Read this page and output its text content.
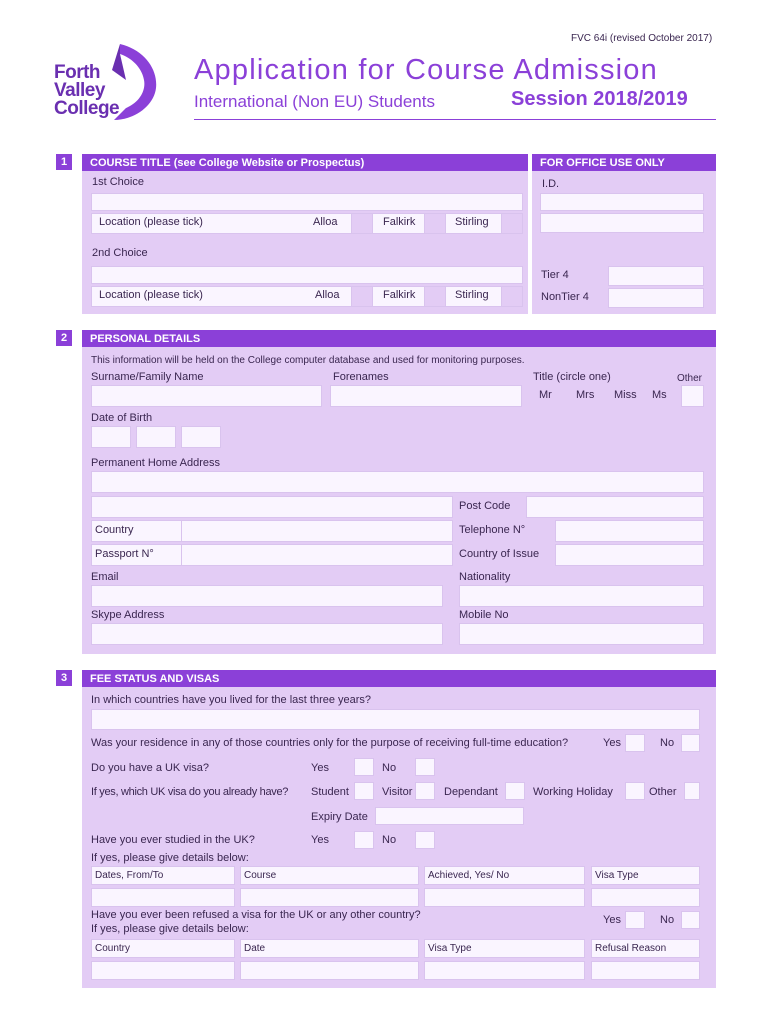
FVC 64i (revised October 2017)
Forth
Valley
College
Application for Course Admission
International (Non EU) Students	Session 2018/2019
1	COURSE TITLE (see College Website or Prospectus)
1st Choice
Location (please tick)	Alloa	Falkirk	Stirling
2nd Choice
Location (please tick)	Alloa	Falkirk	Stirling
FOR OFFICE USE ONLY
I.D.
Tier 4
NonTier 4
2	PERSONAL DETAILS
This information will be held on the College computer database and used for monitoring purposes.
Surname/Family Name	Forenames	Title (circle one)	Other
Mr Mrs Miss Ms
Date of Birth
Permanent Home Address
Post Code
Country	Telephone N°
Passport N°	Country of Issue
Email	Nationality
Skype Address	Mobile No
3	FEE STATUS AND VISAS
In which countries have you lived for the last three years?
Was your residence in any of those countries only for the purpose of receiving full-time education?	Yes	No
Do you have a UK visa?	Yes	No
If yes, which UK visa do you already have? Student	Visitor	Dependant	Working Holiday	Other
Expiry Date
Have you ever studied in the UK?	Yes	No
If yes, please give details below:
Dates, From/To	Course	Achieved, Yes/ No	Visa Type
Have you ever been refused a visa for the UK or any other country?
If yes, please give details below:
Yes	No
Country	Date	Visa Type	Refusal Reason
